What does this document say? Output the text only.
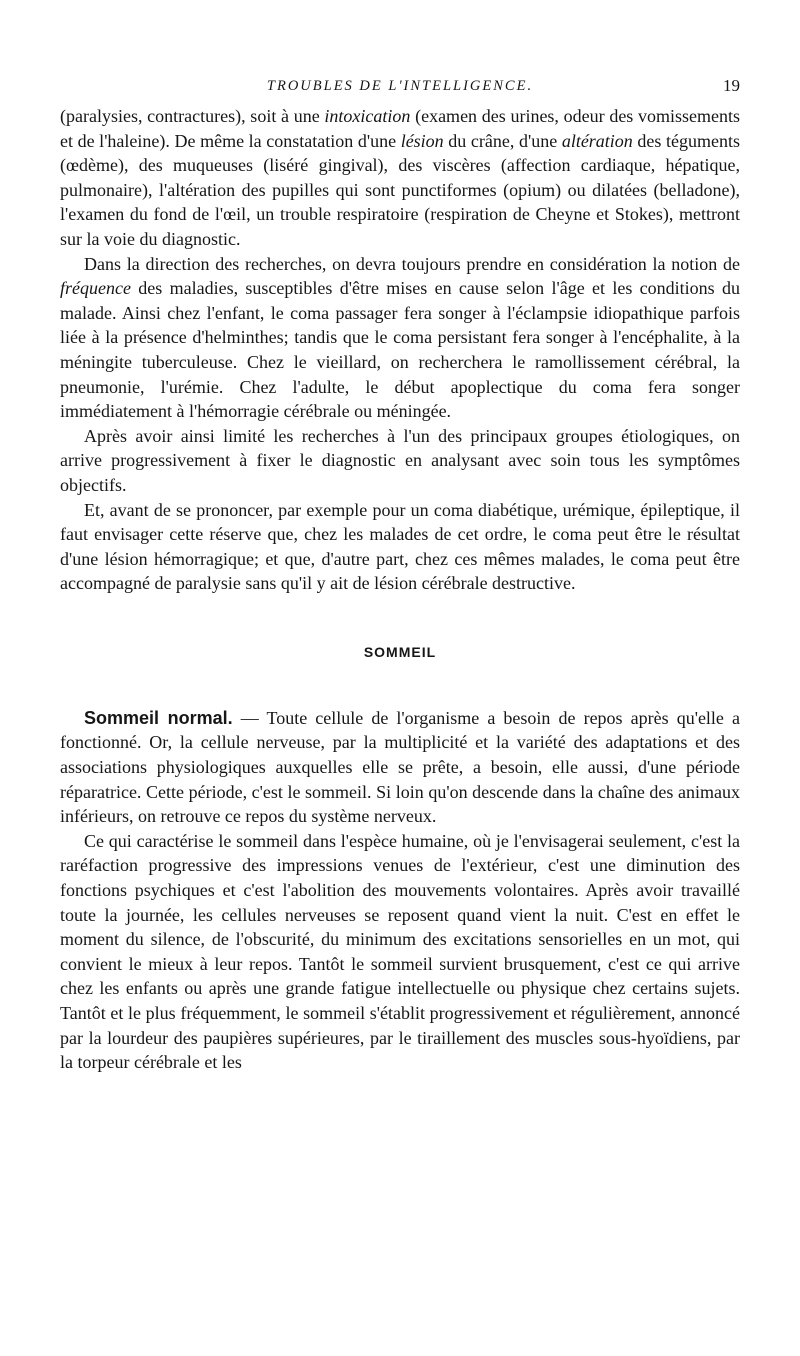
TROUBLES DE L'INTELLIGENCE.	19

(paralysies, contractures), soit à une intoxication (examen des urines, odeur des vomissements et de l'haleine). De même la constatation d'une lésion du crâne, d'une altération des téguments (œdème), des muqueuses (liséré gingival), des viscères (affection cardiaque, hépatique, pulmonaire), l'altération des pupilles qui sont punctiformes (opium) ou dilatées (belladone), l'examen du fond de l'œil, un trouble respiratoire (respiration de Cheyne et Stokes), mettront sur la voie du diagnostic.

Dans la direction des recherches, on devra toujours prendre en considération la notion de fréquence des maladies, susceptibles d'être mises en cause selon l'âge et les conditions du malade. Ainsi chez l'enfant, le coma passager fera songer à l'éclampsie idiopathique parfois liée à la présence d'helminthes; tandis que le coma persistant fera songer à l'encéphalite, à la méningite tuberculeuse. Chez le vieillard, on recherchera le ramollissement cérébral, la pneumonie, l'urémie. Chez l'adulte, le début apoplectique du coma fera songer immédiatement à l'hémorragie cérébrale ou méningée.

Après avoir ainsi limité les recherches à l'un des principaux groupes étiologiques, on arrive progressivement à fixer le diagnostic en analysant avec soin tous les symptômes objectifs.

Et, avant de se prononcer, par exemple pour un coma diabétique, urémique, épileptique, il faut envisager cette réserve que, chez les malades de cet ordre, le coma peut être le résultat d'une lésion hémorragique; et que, d'autre part, chez ces mêmes malades, le coma peut être accompagné de paralysie sans qu'il y ait de lésion cérébrale destructive.

SOMMEIL

Sommeil normal. — Toute cellule de l'organisme a besoin de repos après qu'elle a fonctionné. Or, la cellule nerveuse, par la multiplicité et la variété des adaptations et des associations physiologiques auxquelles elle se prête, a besoin, elle aussi, d'une période réparatrice. Cette période, c'est le sommeil. Si loin qu'on descende dans la chaîne des animaux inférieurs, on retrouve ce repos du système nerveux.

Ce qui caractérise le sommeil dans l'espèce humaine, où je l'envisagerai seulement, c'est la raréfaction progressive des impressions venues de l'extérieur, c'est une diminution des fonctions psychiques et c'est l'abolition des mouvements volontaires. Après avoir travaillé toute la journée, les cellules nerveuses se reposent quand vient la nuit. C'est en effet le moment du silence, de l'obscurité, du minimum des excitations sensorielles en un mot, qui convient le mieux à leur repos. Tantôt le sommeil survient brusquement, c'est ce qui arrive chez les enfants ou après une grande fatigue intellectuelle ou physique chez certains sujets. Tantôt et le plus fréquemment, le sommeil s'établit progressivement et régulièrement, annoncé par la lourdeur des paupières supérieures, par le tiraillement des muscles sous-hyoïdiens, par la torpeur cérébrale et les
